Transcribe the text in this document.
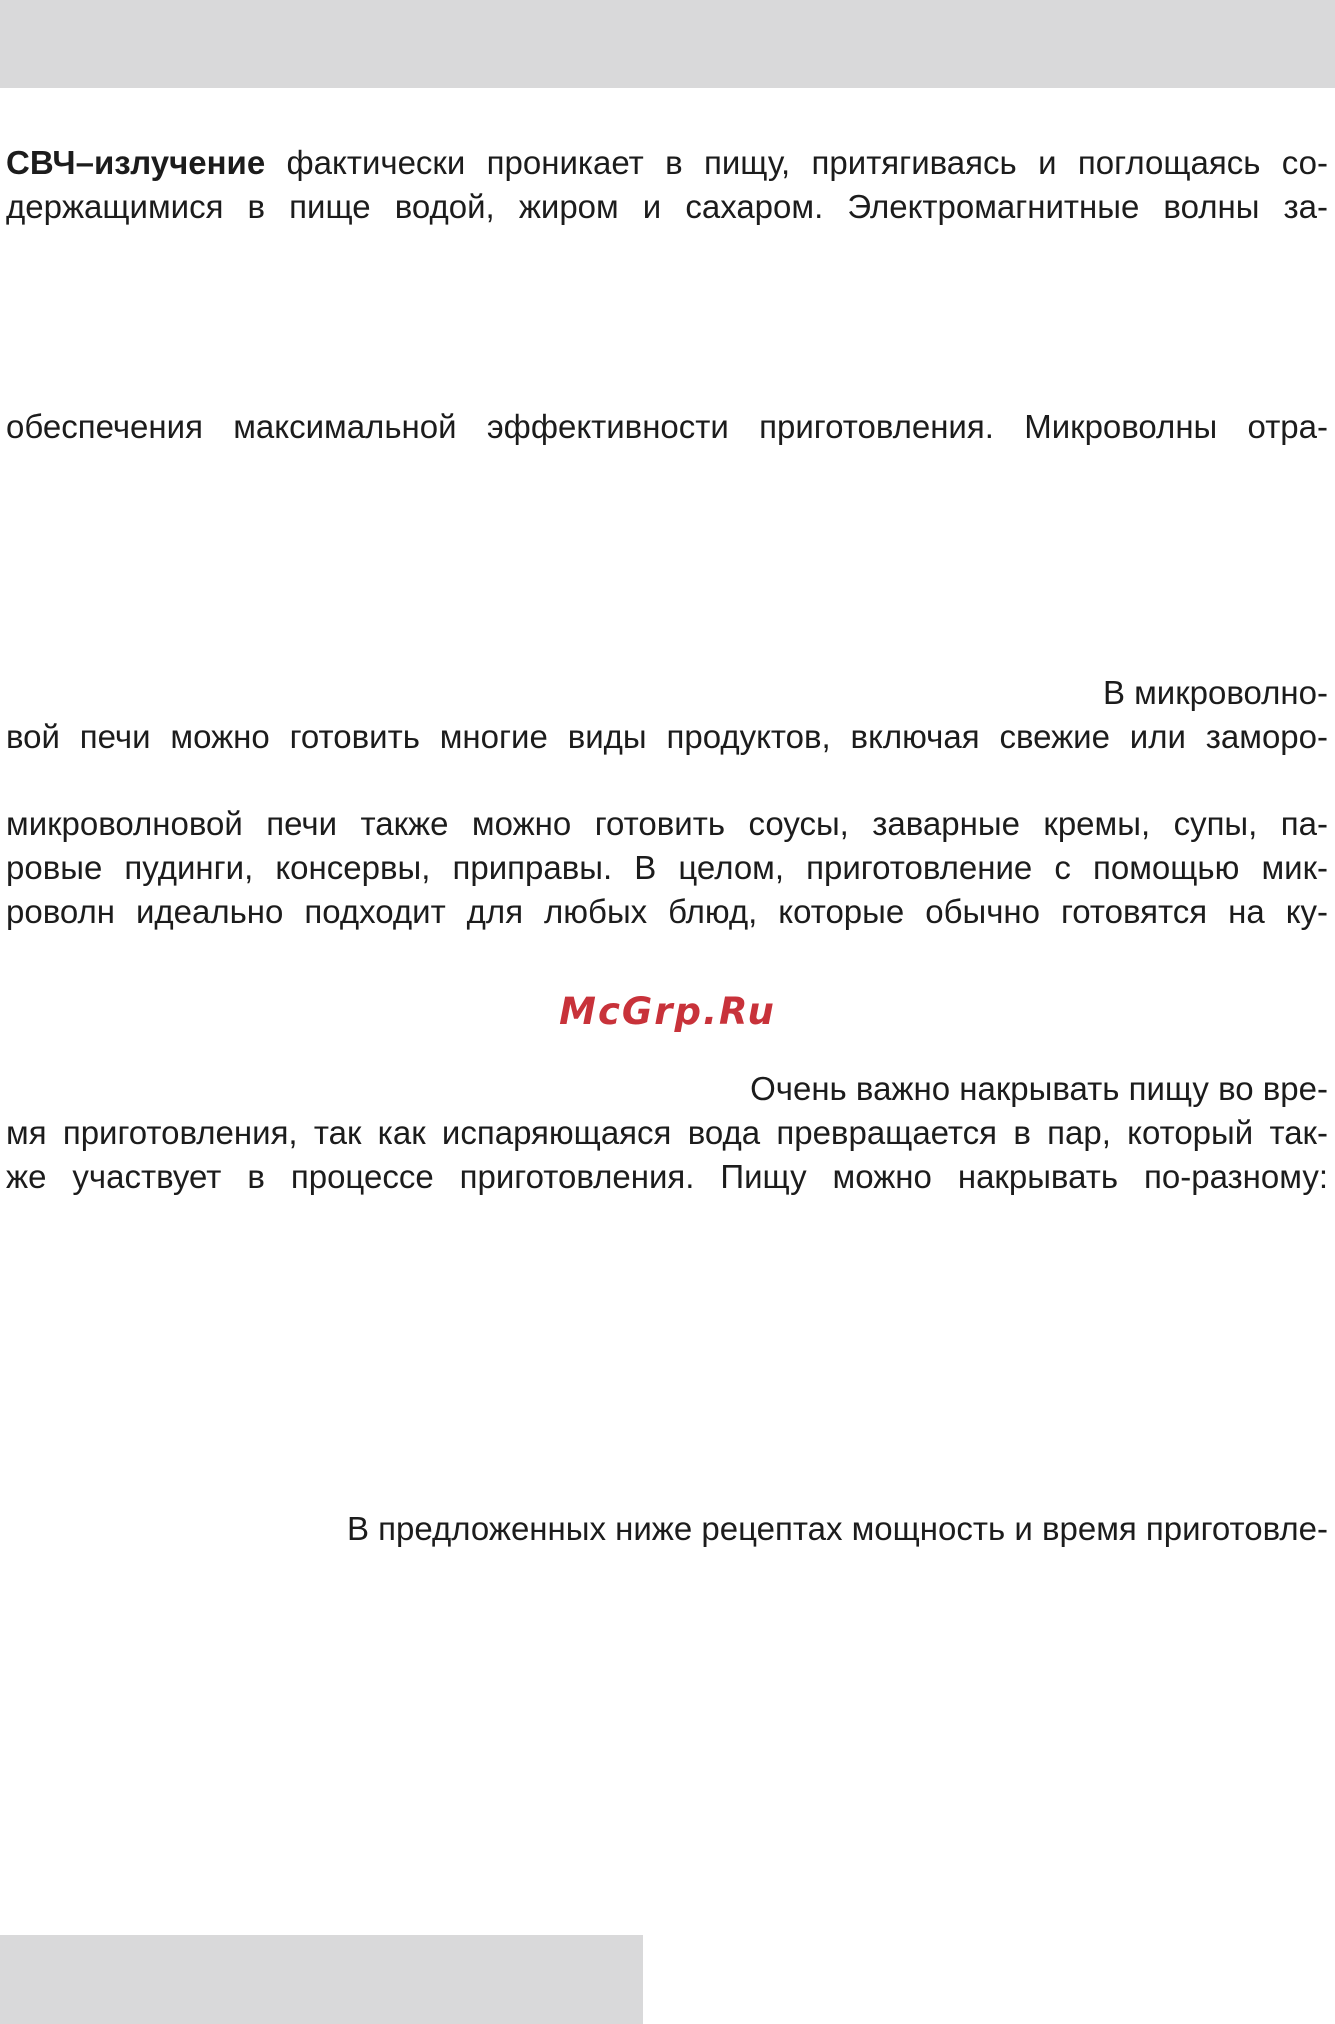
СВЧ–излучение фактически проникает в пищу, притягиваясь и поглощаясь со-
держащимися в пище водой, жиром и сахаром. Электромагнитные волны за-
обеспечения максимальной эффективности приготовления. Микроволны отра-
В микроволно-
вой печи можно готовить многие виды продуктов, включая свежие или заморо-
микроволновой печи также можно готовить соусы, заварные кремы, супы, па-
ровые пудинги, консервы, приправы. В целом, приготовление с помощью мик-
роволн идеально подходит для любых блюд, которые обычно готовятся на ку-
McGrp.Ru
Очень важно накрывать пищу во вре-
мя приготовления, так как испаряющаяся вода превращается в пар, который так-
же участвует в процессе приготовления. Пищу можно накрывать по-разному:
В предложенных ниже рецептах мощность и время приготовле-
